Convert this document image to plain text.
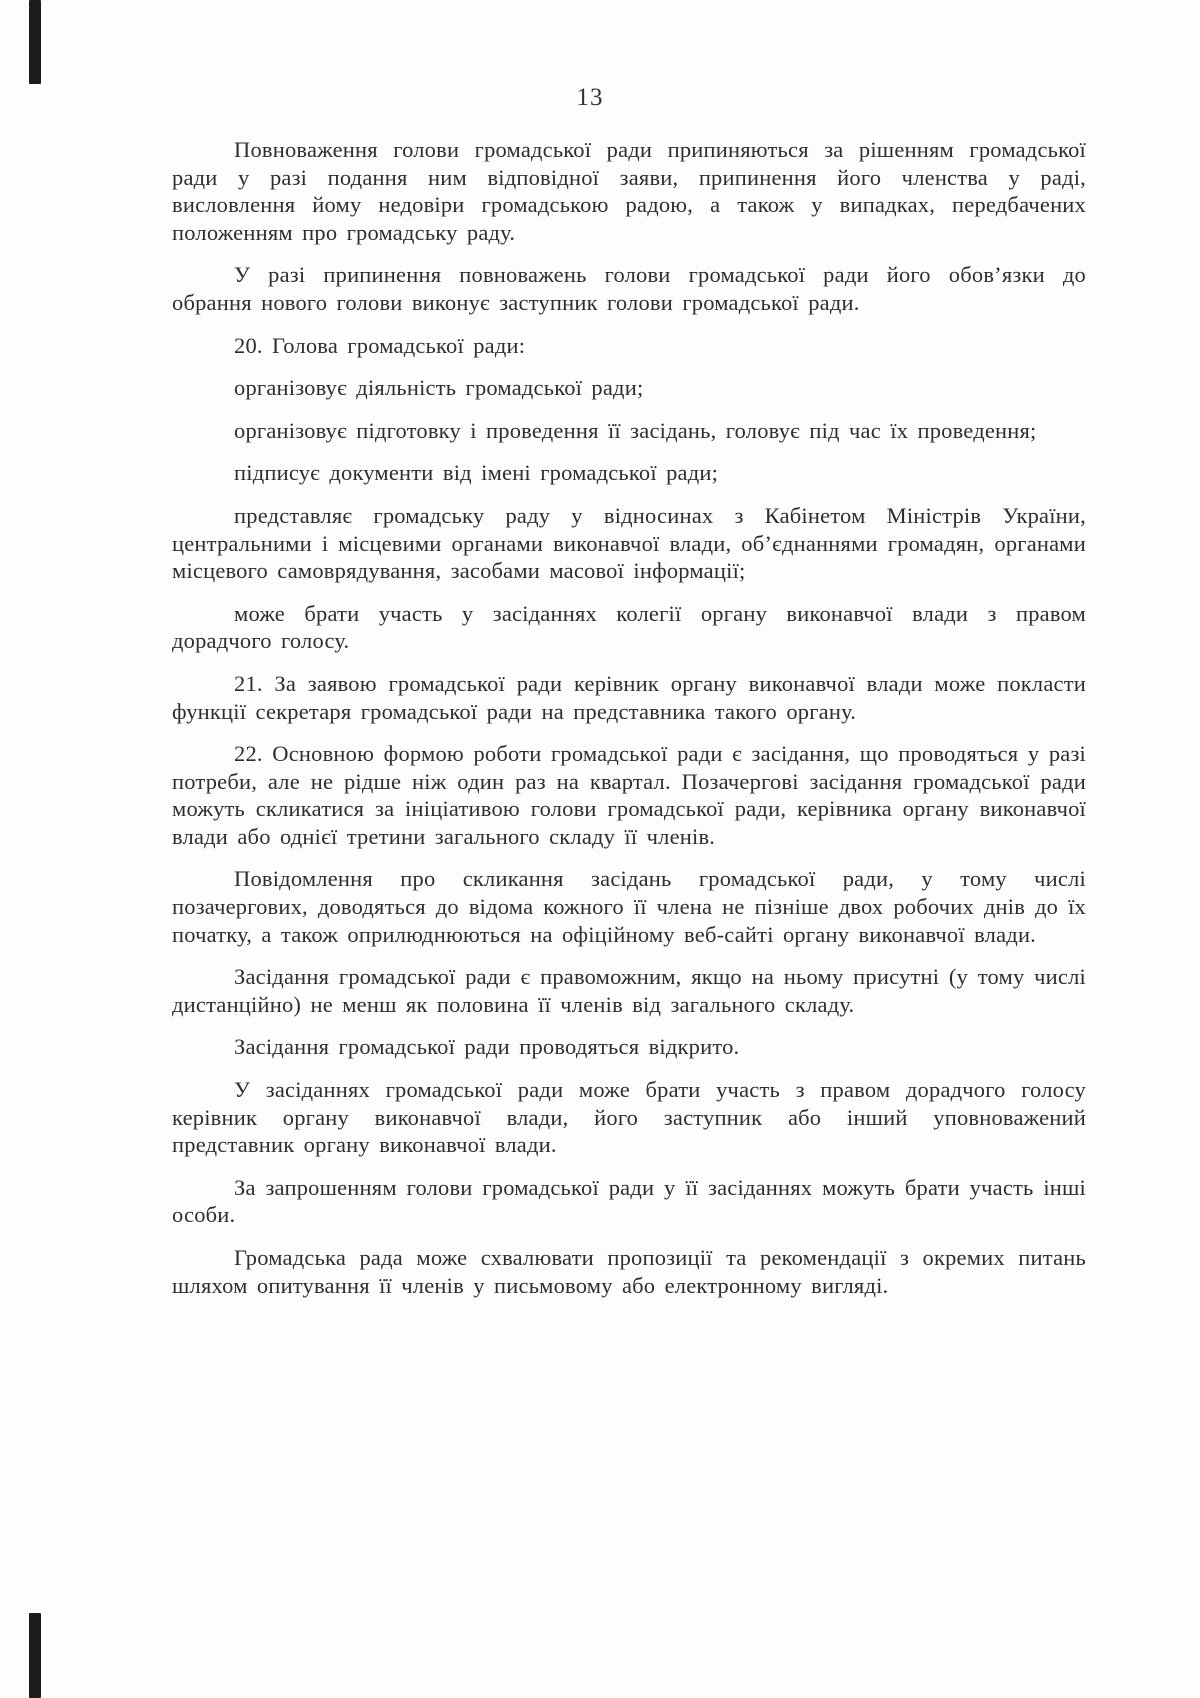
13

Повноваження голови громадської ради припиняються за рішенням громадської ради у разі подання ним відповідної заяви, припинення його членства у раді, висловлення йому недовіри громадською радою, а також у випадках, передбачених положенням про громадську раду.

У разі припинення повноважень голови громадської ради його обов’язки до обрання нового голови виконує заступник голови громадської ради.

20. Голова громадської ради:

організовує діяльність громадської ради;

організовує підготовку і проведення її засідань, головує під час їх проведення;

підписує документи від імені громадської ради;

представляє громадську раду у відносинах з Кабінетом Міністрів України, центральними і місцевими органами виконавчої влади, об’єднаннями громадян, органами місцевого самоврядування, засобами масової інформації;

може брати участь у засіданнях колегії органу виконавчої влади з правом дорадчого голосу.

21. За заявою громадської ради керівник органу виконавчої влади може покласти функції секретаря громадської ради на представника такого органу.

22. Основною формою роботи громадської ради є засідання, що проводяться у разі потреби, але не рідше ніж один раз на квартал. Позачергові засідання громадської ради можуть скликатися за ініціативою голови громадської ради, керівника органу виконавчої влади або однієї третини загального складу її членів.

Повідомлення про скликання засідань громадської ради, у тому числі позачергових, доводяться до відома кожного її члена не пізніше двох робочих днів до їх початку, а також оприлюднюються на офіційному веб-сайті органу виконавчої влади.

Засідання громадської ради є правоможним, якщо на ньому присутні (у тому числі дистанційно) не менш як половина її членів від загального складу.

Засідання громадської ради проводяться відкрито.

У засіданнях громадської ради може брати участь з правом дорадчого голосу керівник органу виконавчої влади, його заступник або інший уповноважений представник органу виконавчої влади.

За запрошенням голови громадської ради у її засіданнях можуть брати участь інші особи.

Громадська рада може схвалювати пропозиції та рекомендації з окремих питань шляхом опитування її членів у письмовому або електронному вигляді.
